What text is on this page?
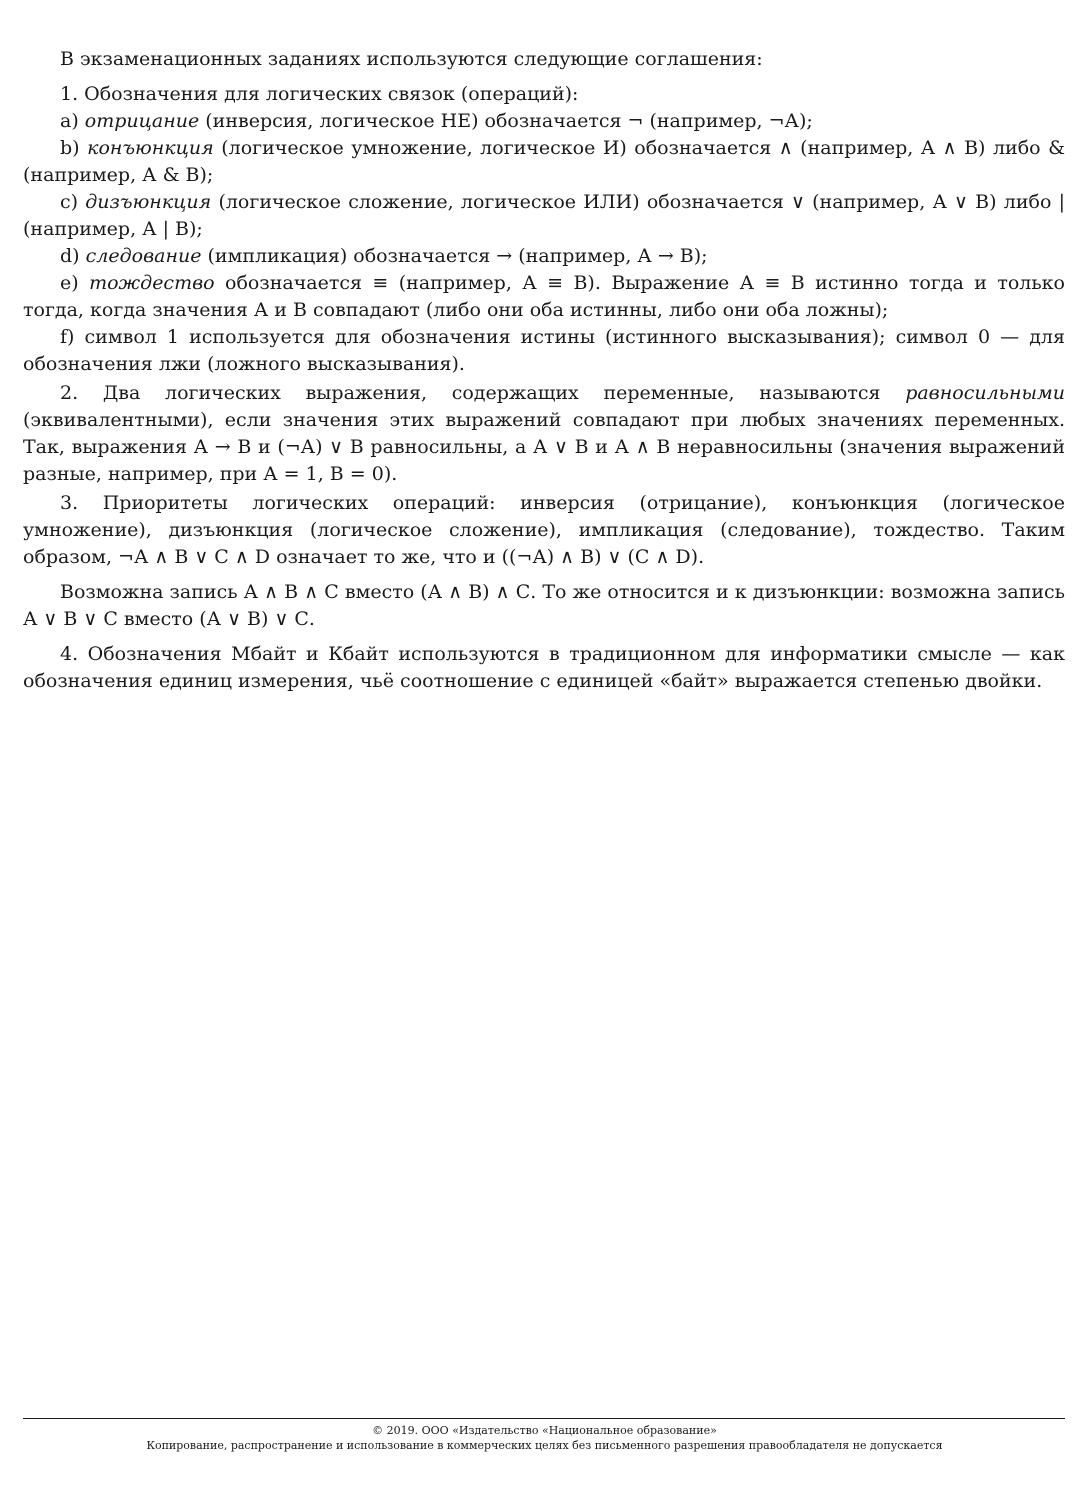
В экзаменационных заданиях используются следующие соглашения:

1. Обозначения для логических связок (операций):

a) отрицание (инверсия, логическое НЕ) обозначается ¬ (например, ¬А);

b) конъюнкция (логическое умножение, логическое И) обозначается ∧ (например, А ∧ В) либо & (например, А & В);

c) дизъюнкция (логическое сложение, логическое ИЛИ) обозначается ∨ (например, А ∨ В) либо | (например, А | В);

d) следование (импликация) обозначается → (например, А → В);

e) тождество обозначается ≡ (например, А ≡ В). Выражение А ≡ В истинно тогда и только тогда, когда значения А и В совпадают (либо они оба истинны, либо они оба ложны);

f) символ 1 используется для обозначения истины (истинного высказывания); символ 0 — для обозначения лжи (ложного высказывания).

2. Два логических выражения, содержащих переменные, называются равносильными (эквивалентными), если значения этих выражений совпадают при любых значениях переменных. Так, выражения А → В и (¬А) ∨ В равносильны, а А ∨ В и А ∧ В неравносильны (значения выражений разные, например, при А = 1, В = 0).

3. Приоритеты логических операций: инверсия (отрицание), конъюнкция (логическое умножение), дизъюнкция (логическое сложение), импликация (следование), тождество. Таким образом, ¬А ∧ В ∨ С ∧ D означает то же, что и ((¬А) ∧ В) ∨ (С ∧ D).

Возможна запись А ∧ В ∧ С вместо (А ∧ В) ∧ С. То же относится и к дизъюнкции: возможна запись А ∨ В ∨ С вместо (А ∨ В) ∨ С.

4. Обозначения Мбайт и Кбайт используются в традиционном для информатики смысле — как обозначения единиц измерения, чьё соотношение с единицей «байт» выражается степенью двойки.

© 2019. ООО «Издательство «Национальное образование»
Копирование, распространение и использование в коммерческих целях без письменного разрешения правообладателя не допускается
